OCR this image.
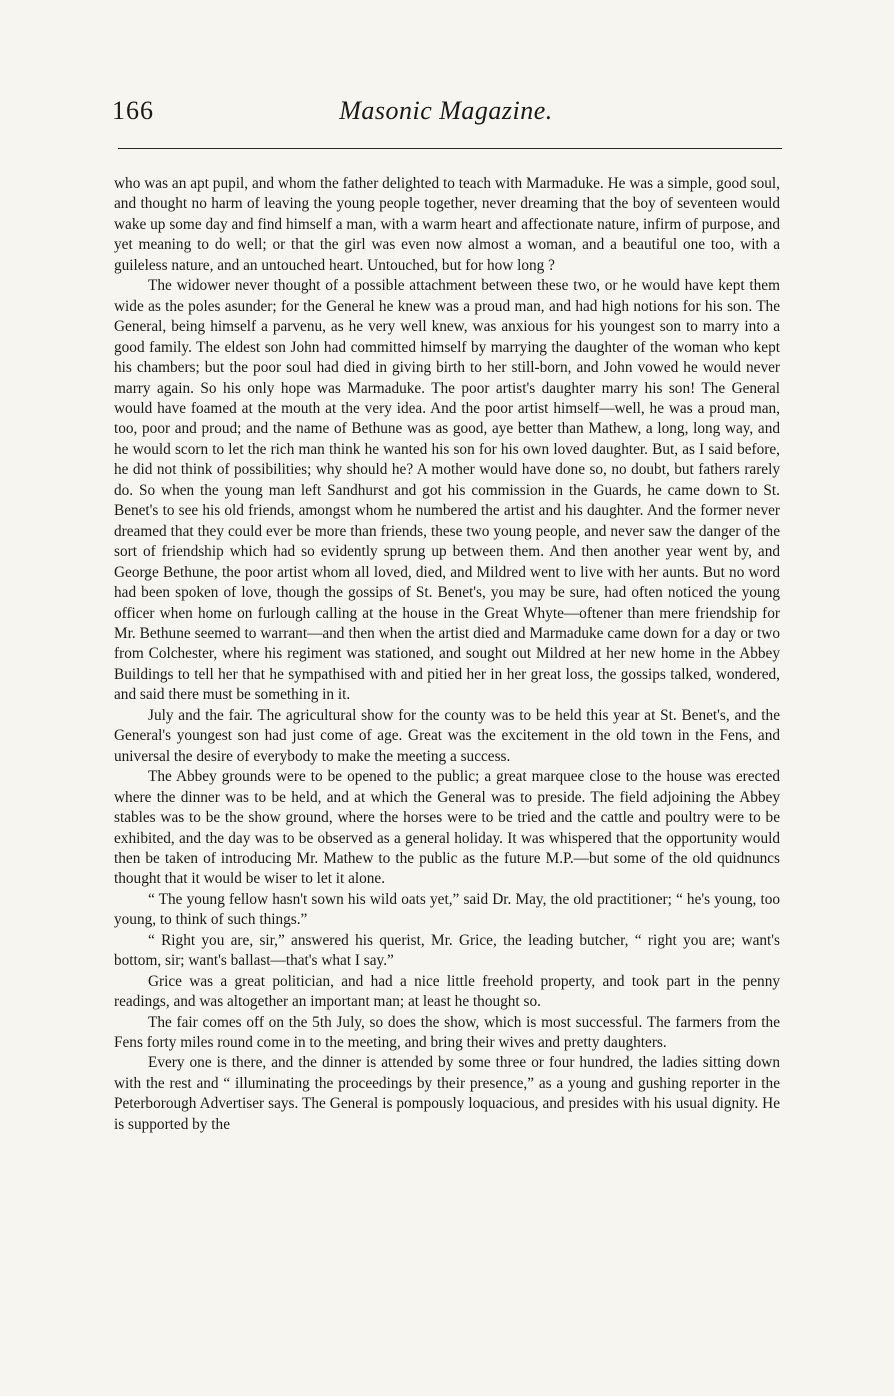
166	Masonic Magazine.

who was an apt pupil, and whom the father delighted to teach with Marmaduke. He was a simple, good soul, and thought no harm of leaving the young people together, never dreaming that the boy of seventeen would wake up some day and find himself a man, with a warm heart and affectionate nature, infirm of purpose, and yet meaning to do well; or that the girl was even now almost a woman, and a beautiful one too, with a guileless nature, and an untouched heart. Untouched, but for how long ?

The widower never thought of a possible attachment between these two, or he would have kept them wide as the poles asunder; for the General he knew was a proud man, and had high notions for his son. The General, being himself a parvenu, as he very well knew, was anxious for his youngest son to marry into a good family. The eldest son John had committed himself by marrying the daughter of the woman who kept his chambers; but the poor soul had died in giving birth to her still-born, and John vowed he would never marry again. So his only hope was Marmaduke. The poor artist's daughter marry his son! The General would have foamed at the mouth at the very idea. And the poor artist himself—well, he was a proud man, too, poor and proud; and the name of Bethune was as good, aye better than Mathew, a long, long way, and he would scorn to let the rich man think he wanted his son for his own loved daughter. But, as I said before, he did not think of possibilities; why should he? A mother would have done so, no doubt, but fathers rarely do. So when the young man left Sandhurst and got his commission in the Guards, he came down to St. Benet's to see his old friends, amongst whom he numbered the artist and his daughter. And the former never dreamed that they could ever be more than friends, these two young people, and never saw the danger of the sort of friendship which had so evidently sprung up between them. And then another year went by, and George Bethune, the poor artist whom all loved, died, and Mildred went to live with her aunts. But no word had been spoken of love, though the gossips of St. Benet's, you may be sure, had often noticed the young officer when home on furlough calling at the house in the Great Whyte—oftener than mere friendship for Mr. Bethune seemed to warrant—and then when the artist died and Marmaduke came down for a day or two from Colchester, where his regiment was stationed, and sought out Mildred at her new home in the Abbey Buildings to tell her that he sympathised with and pitied her in her great loss, the gossips talked, wondered, and said there must be something in it.

July and the fair. The agricultural show for the county was to be held this year at St. Benet's, and the General's youngest son had just come of age. Great was the excitement in the old town in the Fens, and universal the desire of everybody to make the meeting a success.

The Abbey grounds were to be opened to the public; a great marquee close to the house was erected where the dinner was to be held, and at which the General was to preside. The field adjoining the Abbey stables was to be the show ground, where the horses were to be tried and the cattle and poultry were to be exhibited, and the day was to be observed as a general holiday. It was whispered that the opportunity would then be taken of introducing Mr. Mathew to the public as the future M.P.—but some of the old quidnuncs thought that it would be wiser to let it alone.

“ The young fellow hasn't sown his wild oats yet,” said Dr. May, the old practitioner; “ he's young, too young, to think of such things.”

“ Right you are, sir,” answered his querist, Mr. Grice, the leading butcher, “ right you are; want's bottom, sir; want's ballast—that's what I say.”

Grice was a great politician, and had a nice little freehold property, and took part in the penny readings, and was altogether an important man; at least he thought so.

The fair comes off on the 5th July, so does the show, which is most successful. The farmers from the Fens forty miles round come in to the meeting, and bring their wives and pretty daughters.

Every one is there, and the dinner is attended by some three or four hundred, the ladies sitting down with the rest and “ illuminating the proceedings by their presence,” as a young and gushing reporter in the Peterborough Advertiser says. The General is pompously loquacious, and presides with his usual dignity. He is supported by the
